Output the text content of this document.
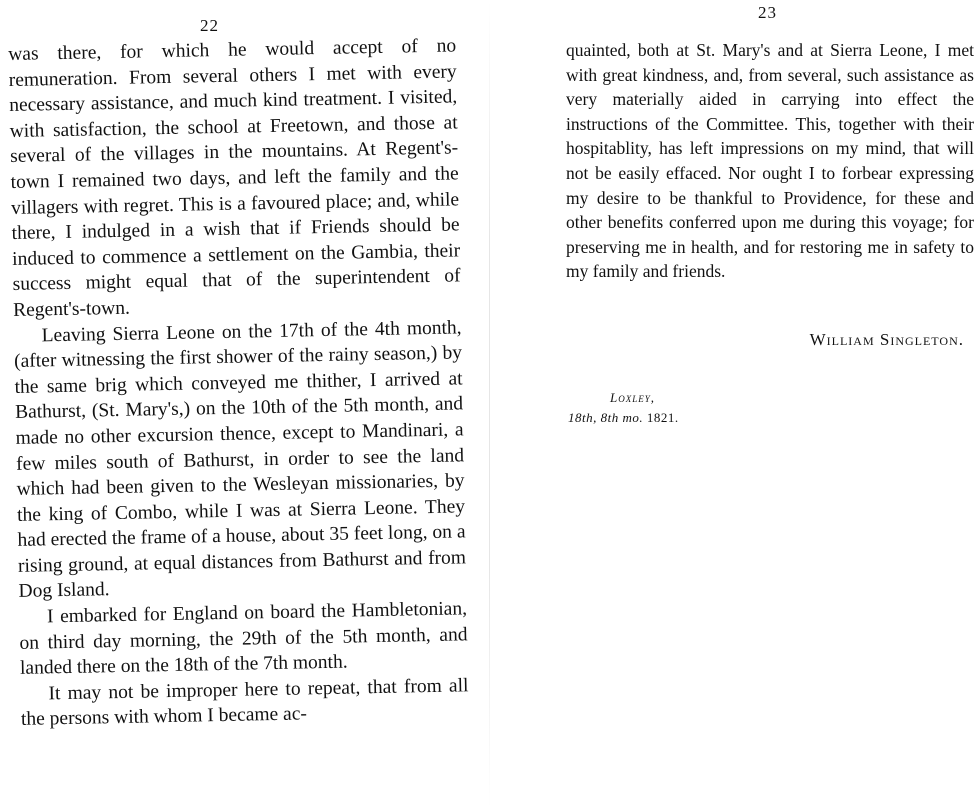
22

was there, for which he would accept of no remuneration. From several others I met with every necessary assistance, and much kind treatment. I visited, with satisfaction, the school at Freetown, and those at several of the villages in the mountains. At Regent's-town I remained two days, and left the family and the villagers with regret. This is a favoured place; and, while there, I indulged in a wish that if Friends should be induced to commence a settlement on the Gambia, their success might equal that of the superintendent of Regent's-town.

Leaving Sierra Leone on the 17th of the 4th month, (after witnessing the first shower of the rainy season,) by the same brig which conveyed me thither, I arrived at Bathurst, (St. Mary's,) on the 10th of the 5th month, and made no other excursion thence, except to Mandinari, a few miles south of Bathurst, in order to see the land which had been given to the Wesleyan missionaries, by the king of Combo, while I was at Sierra Leone. They had erected the frame of a house, about 35 feet long, on a rising ground, at equal distances from Bathurst and from Dog Island.

I embarked for England on board the Hambletonian, on third day morning, the 29th of the 5th month, and landed there on the 18th of the 7th month.

It may not be improper here to repeat, that from all the persons with whom I became ac-

23

quainted, both at St. Mary's and at Sierra Leone, I met with great kindness, and, from several, such assistance as very materially aided in carrying into effect the instructions of the Committee. This, together with their hospitablity, has left impressions on my mind, that will not be easily effaced. Nor ought I to forbear expressing my desire to be thankful to Providence, for these and other benefits conferred upon me during this voyage; for preserving me in health, and for restoring me in safety to my family and friends.

William Singleton.
Loxley,
18th, 8th mo. 1821.
